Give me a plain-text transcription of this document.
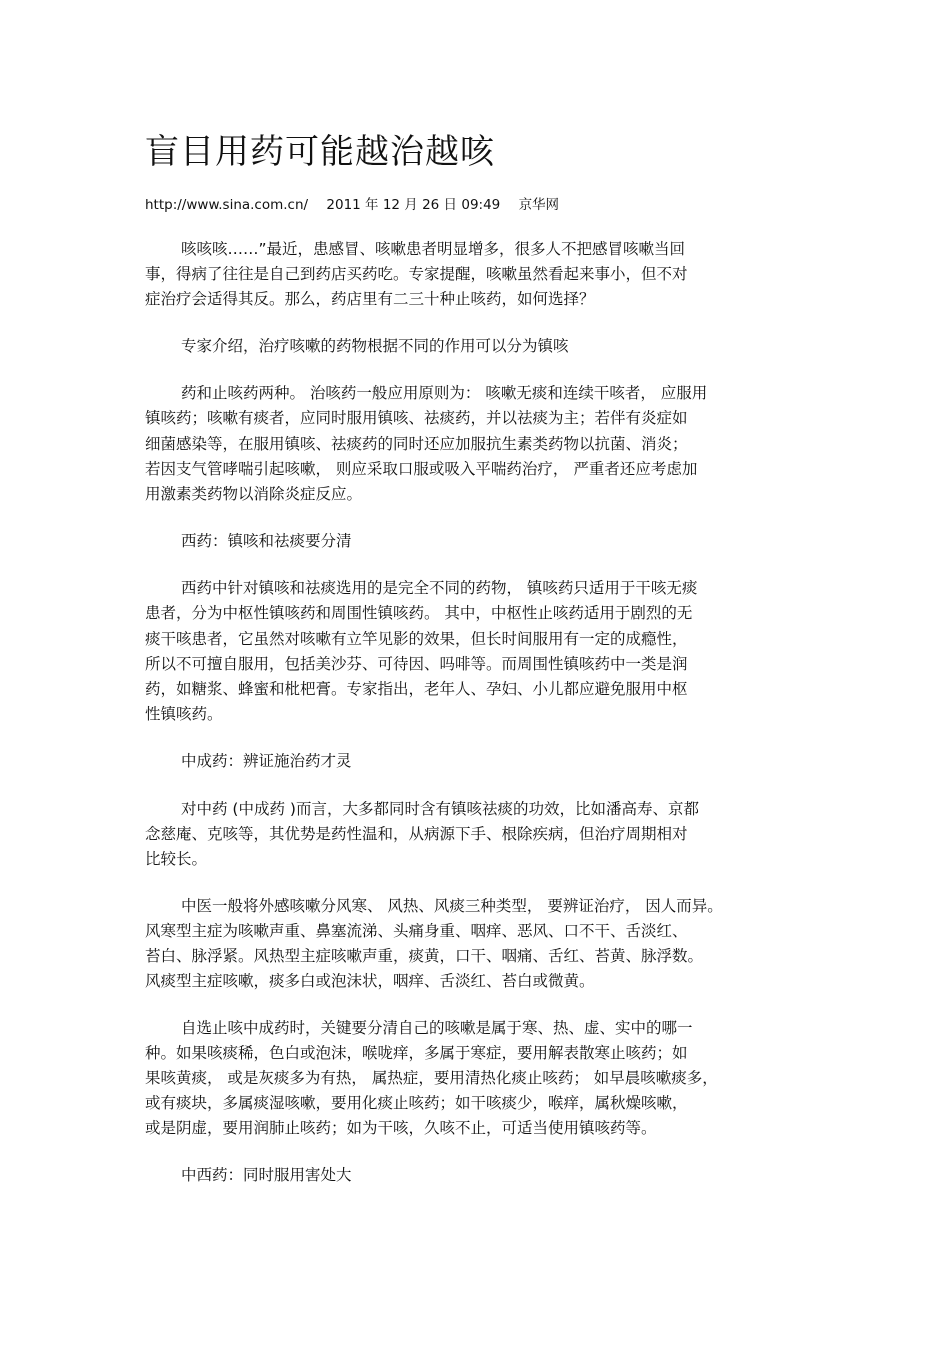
盲目用药可能越治越咳
http://www.sina.com.cn/ 2011 年 12 月 26 日 09:49 京华网
咳咳咳……”最近，患感冒、咳嗽患者明显增多，很多人不把感冒咳嗽当回
事，得病了往往是自己到药店买药吃。专家提醒，咳嗽虽然看起来事小，但不对
症治疗会适得其反。那么，药店里有二三十种止咳药，如何选择？
专家介绍，治疗咳嗽的药物根据不同的作用可以分为镇咳
药和止咳药两种。 治咳药一般应用原则为： 咳嗽无痰和连续干咳者， 应服用
镇咳药；咳嗽有痰者，应同时服用镇咳、祛痰药，并以祛痰为主；若伴有炎症如
细菌感染等，在服用镇咳、祛痰药的同时还应加服抗生素类药物以抗菌、消炎；
若因支气管哮喘引起咳嗽， 则应采取口服或吸入平喘药治疗， 严重者还应考虑加
用激素类药物以消除炎症反应。
西药：镇咳和祛痰要分清
西药中针对镇咳和祛痰选用的是完全不同的药物， 镇咳药只适用于干咳无痰
患者，分为中枢性镇咳药和周围性镇咳药。 其中，中枢性止咳药适用于剧烈的无
痰干咳患者，它虽然对咳嗽有立竿见影的效果，但长时间服用有一定的成瘾性，
所以不可擅自服用，包括美沙芬、可待因、吗啡等。而周围性镇咳药中一类是润
药，如糖浆、蜂蜜和枇杷膏。专家指出，老年人、孕妇、小儿都应避免服用中枢
性镇咳药。
中成药：辨证施治药才灵
对中药 (中成药 )而言，大多都同时含有镇咳祛痰的功效，比如潘高寿、京都
念慈庵、克咳等，其优势是药性温和，从病源下手、根除疾病，但治疗周期相对
比较长。
中医一般将外感咳嗽分风寒、 风热、风痰三种类型， 要辨证治疗， 因人而异。
风寒型主症为咳嗽声重、鼻塞流涕、头痛身重、咽痒、恶风、口不干、舌淡红、
苔白、脉浮紧。风热型主症咳嗽声重，痰黄，口干、咽痛、舌红、苔黄、脉浮数。
风痰型主症咳嗽，痰多白或泡沫状，咽痒、舌淡红、苔白或微黄。
自选止咳中成药时，关键要分清自己的咳嗽是属于寒、热、虚、实中的哪一
种。如果咳痰稀，色白或泡沫，喉咙痒，多属于寒症，要用解表散寒止咳药；如
果咳黄痰， 或是灰痰多为有热， 属热症，要用清热化痰止咳药； 如早晨咳嗽痰多，
或有痰块，多属痰湿咳嗽，要用化痰止咳药；如干咳痰少，喉痒，属秋燥咳嗽，
或是阴虚，要用润肺止咳药；如为干咳，久咳不止，可适当使用镇咳药等。
中西药：同时服用害处大
